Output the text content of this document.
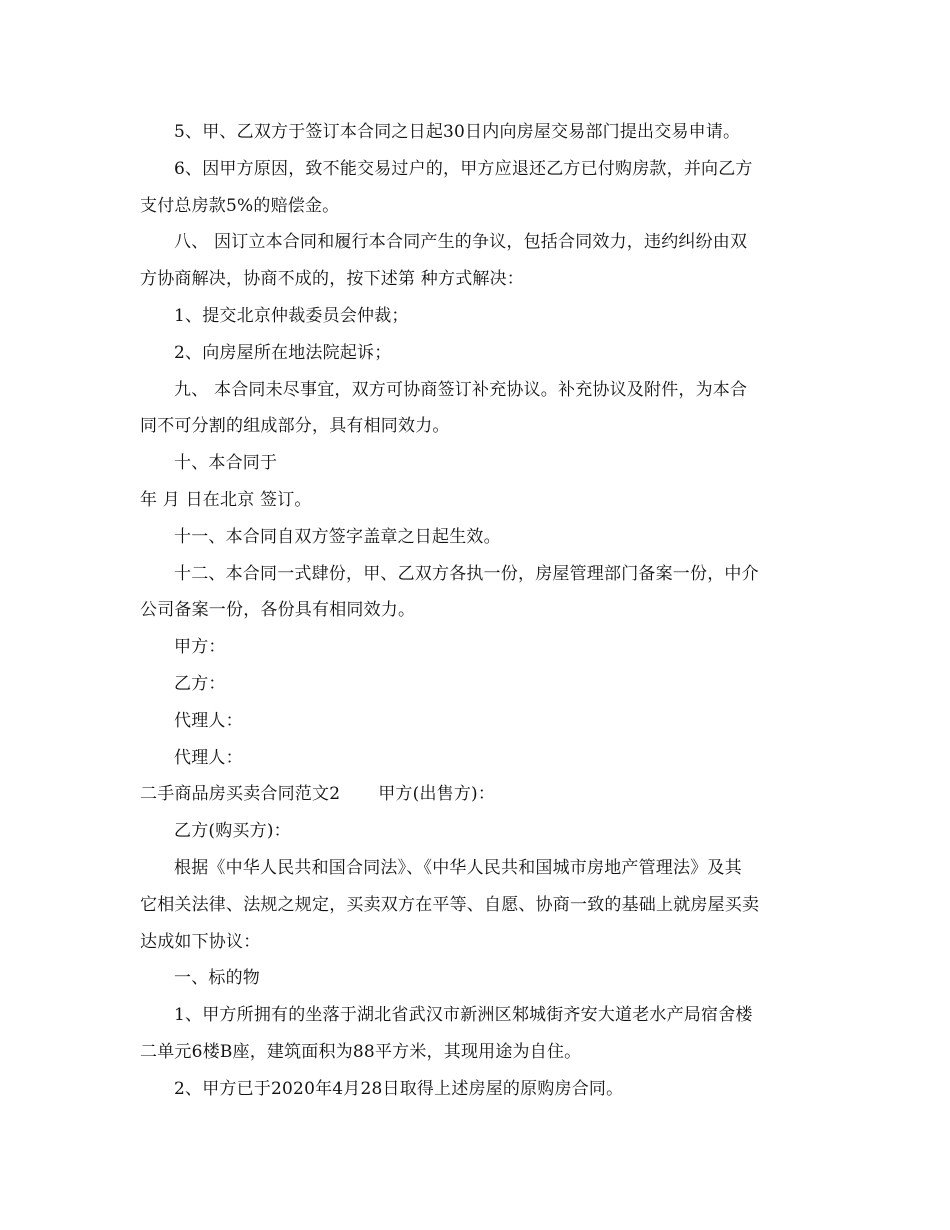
5、甲、乙双方于签订本合同之日起30日内向房屋交易部门提出交易申请。

6、因甲方原因，致不能交易过户的，甲方应退还乙方已付购房款，并向乙方

支付总房款5%的赔偿金。

八、 因订立本合同和履行本合同产生的争议，包括合同效力，违约纠纷由双

方协商解决，协商不成的，按下述第 种方式解决：

1、提交北京仲裁委员会仲裁；

2、向房屋所在地法院起诉；

九、 本合同未尽事宜，双方可协商签订补充协议。补充协议及附件，为本合

同不可分割的组成部分，具有相同效力。

十、本合同于

年 月 日在北京 签订。

十一、本合同自双方签字盖章之日起生效。

十二、本合同一式肆份，甲、乙双方各执一份，房屋管理部门备案一份，中介

公司备案一份，各份具有相同效力。

甲方：

乙方：

代理人：

代理人：

二手商品房买卖合同范文2 甲方(出售方)：

乙方(购买方)：

根据《中华人民共和国合同法》、《中华人民共和国城市房地产管理法》及其

它相关法律、法规之规定，买卖双方在平等、自愿、协商一致的基础上就房屋买卖

达成如下协议：

一、标的物

1、甲方所拥有的坐落于湖北省武汉市新洲区邾城街齐安大道老水产局宿舍楼

二单元6楼B座，建筑面积为88平方米，其现用途为自住。

2、甲方已于2020年4月28日取得上述房屋的原购房合同。
